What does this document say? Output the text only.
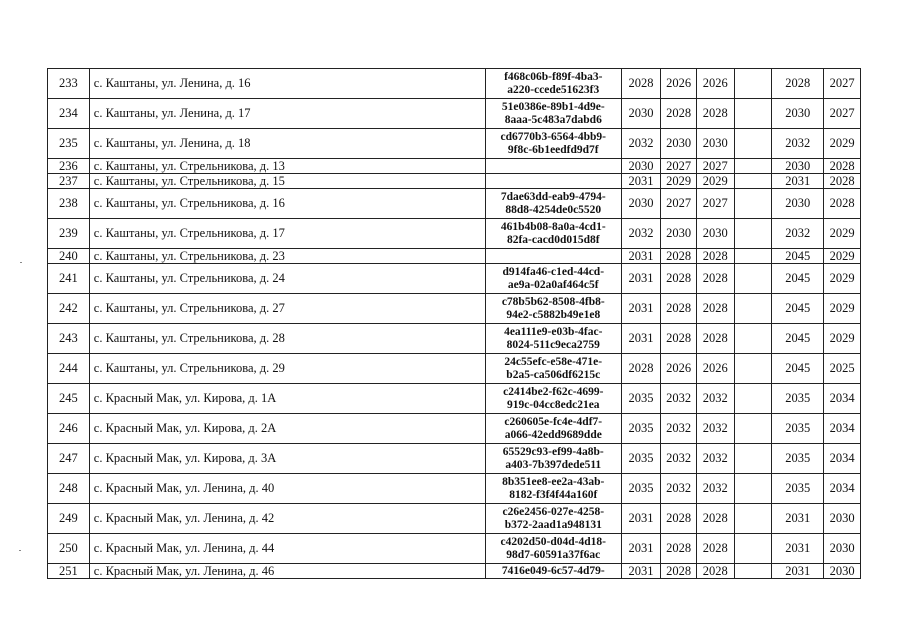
233	с. Каштаны, ул. Ленина, д. 16	f468c06b-f89f-4ba3-
a220-ccede51623f3	2028	2026	2026		2028	2027
234	с. Каштаны, ул. Ленина, д. 17	51e0386e-89b1-4d9e-
8aaa-5c483a7dabd6	2030	2028	2028		2030	2027
235	с. Каштаны, ул. Ленина, д. 18	cd6770b3-6564-4bb9-
9f8c-6b1eedfd9d7f	2032	2030	2030		2032	2029
236	с. Каштаны, ул. Стрельникова, д. 13		2030	2027	2027		2030	2028
237	с. Каштаны, ул. Стрельникова, д. 15		2031	2029	2029		2031	2028
238	с. Каштаны, ул. Стрельникова, д. 16	7dae63dd-eab9-4794-
88d8-4254de0c5520	2030	2027	2027		2030	2028
239	с. Каштаны, ул. Стрельникова, д. 17	461b4b08-8a0a-4cd1-
82fa-cacd0d015d8f	2032	2030	2030		2032	2029
240	с. Каштаны, ул. Стрельникова, д. 23		2031	2028	2028		2045	2029
241	с. Каштаны, ул. Стрельникова, д. 24	d914fa46-c1ed-44cd-
ae9a-02a0af464c5f	2031	2028	2028		2045	2029
242	с. Каштаны, ул. Стрельникова, д. 27	c78b5b62-8508-4fb8-
94e2-c5882b49e1e8	2031	2028	2028		2045	2029
243	с. Каштаны, ул. Стрельникова, д. 28	4ea111e9-e03b-4fac-
8024-511c9eca2759	2031	2028	2028		2045	2029
244	с. Каштаны, ул. Стрельникова, д. 29	24c55efc-e58e-471e-
b2a5-ca506df6215c	2028	2026	2026		2045	2025
245	с. Красный Мак, ул. Кирова, д. 1А	c2414be2-f62c-4699-
919c-04cc8edc21ea	2035	2032	2032		2035	2034
246	с. Красный Мак, ул. Кирова, д. 2А	c260605e-fc4e-4df7-
a066-42edd9689dde	2035	2032	2032		2035	2034
247	с. Красный Мак, ул. Кирова, д. 3А	65529c93-ef99-4a8b-
a403-7b397dede511	2035	2032	2032		2035	2034
248	с. Красный Мак, ул. Ленина, д. 40	8b351ee8-ee2a-43ab-
8182-f3f4f44a160f	2035	2032	2032		2035	2034
249	с. Красный Мак, ул. Ленина, д. 42	c26e2456-027e-4258-
b372-2aad1a948131	2031	2028	2028		2031	2030
250	с. Красный Мак, ул. Ленина, д. 44	c4202d50-d04d-4d18-
98d7-60591a37f6ac	2031	2028	2028		2031	2030
251	с. Красный Мак, ул. Ленина, д. 46	7416e049-6c57-4d79-	2031	2028	2028		2031	2030
